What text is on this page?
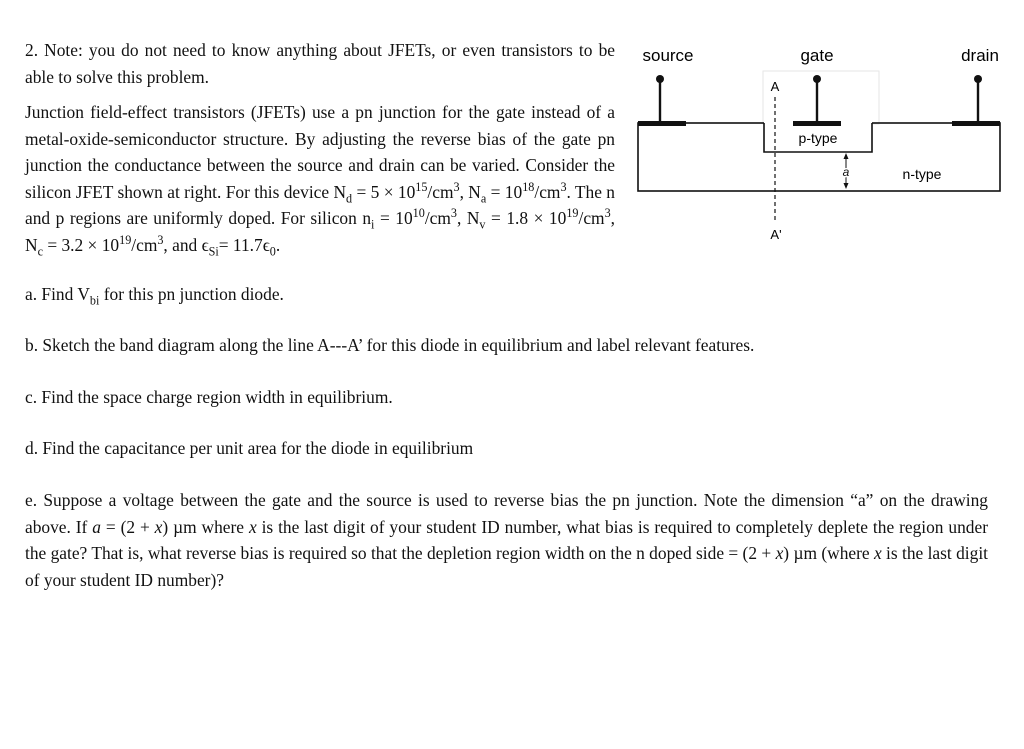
2. Note: you do not need to know anything about JFETs, or even transistors to be able to solve this problem.

Junction field-effect transistors (JFETs) use a pn junction for the gate instead of a metal-oxide-semiconductor structure. By adjusting the reverse bias of the gate pn junction the conductance between the source and drain can be varied. Consider the silicon JFET shown at right. For this device $N_d = 5 \times 10^{15}/cm^3$, $N_a = 10^{18}/cm^3$. The n and p regions are uniformly doped. For silicon $n_i = 10^{10}/cm^3$, $N_v = 1.8 \times 10^{19}/cm^3$, $N_c = 3.2 \times 10^{19}/cm^3$, and $\epsilon_{Si}= 11.7\epsilon_0$.

source	gate	drain
A
A'
p-type
n-type
a

a. Find $V_{bi}$ for this pn junction diode.

b. Sketch the band diagram along the line A---A’ for this diode in equilibrium and label relevant features.

c. Find the space charge region width in equilibrium.

d. Find the capacitance per unit area for the diode in equilibrium

e. Suppose a voltage between the gate and the source is used to reverse bias the pn junction. Note the dimension “a” on the drawing above. If a = (2 + x) µm where x is the last digit of your student ID number, what bias is required to completely deplete the region under the gate? That is, what reverse bias is required so that the depletion region width on the n doped side = (2 + x) µm (where x is the last digit of your student ID number)?
